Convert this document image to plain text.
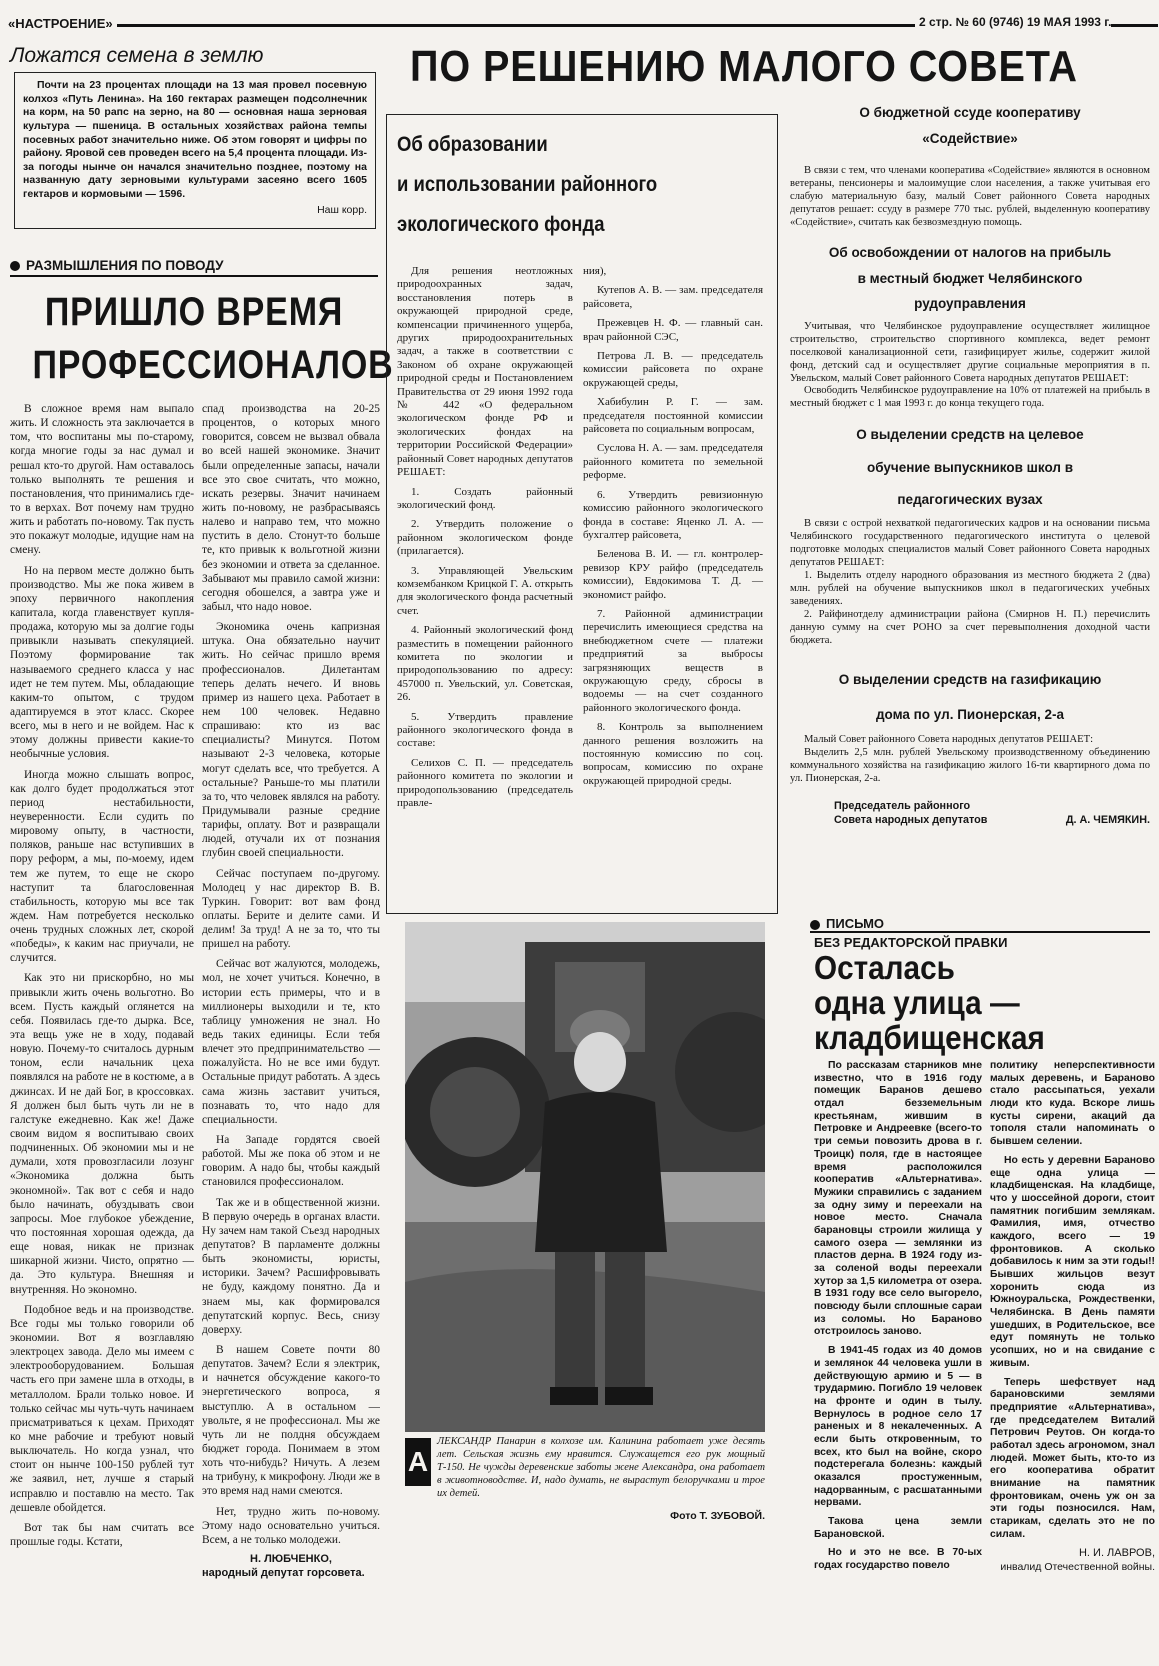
«НАСТРОЕНИЕ»	2 стр. № 60 (9746) 19 МАЯ 1993 г.
Ложатся семена в землю
Почти на 23 процентах площади на 13 мая провел посевную колхоз «Путь Ленина». На 160 гектарах размещен подсолнечник на корм, на 50 рапс на зерно, на 80 — основная наша зерновая культура — пшеница. В остальных хозяйствах района темпы посевных работ значительно ниже. Об этом говорят и цифры по району. Яровой сев проведен всего на 5,4 процента площади. Из-за погоды нынче он начался значительно позднее, поэтому на названную дату зерновыми культурами засеяно всего 1605 гектаров и кормовыми — 1596.
Наш корр.
РАЗМЫШЛЕНИЯ ПО ПОВОДУ
ПРИШЛО ВРЕМЯ
ПРОФЕССИОНАЛОВ

В сложное время нам выпало жить. И сложность эта заключается в том, что воспитаны мы по-старому, когда многие годы за нас думал и решал кто-то другой. Нам оставалось только выполнять те решения и постановления, что принимались где-то в верхах. Вот почему нам трудно жить и работать по-новому. Так пусть это покажут молодые, идущие нам на смену.

Но на первом месте должно быть производство. Мы же пока живем в эпоху первичного накопления капитала, когда главенствует купля-продажа, которую мы за долгие годы привыкли называть спекуляцией. Поэтому формирование так называемого среднего класса у нас идет не тем путем. Мы, обладающие каким-то опытом, с трудом адаптируемся в этот класс. Скорее всего, мы в него и не войдем. Нас к этому должны привести какие-то необычные условия.

Иногда можно слышать вопрос, как долго будет продолжаться этот период нестабильности, неуверенности. Если судить по мировому опыту, в частности, поляков, раньше нас вступивших в пору реформ, а мы, по-моему, идем тем же путем, то еще не скоро наступит та благословенная стабильность, которую мы все так ждем. Нам потребуется несколько очень трудных сложных лет, скорой «победы», к каким нас приучали, не случится.

Как это ни прискорбно, но мы привыкли жить очень вольготно. Во всем. Пусть каждый оглянется на себя. Появилась где-то дырка. Все, эта вещь уже не в ходу, подавай новую. Почему-то считалось дурным тоном, если начальник цеха появлялся на работе не в костюме, а в джинсах. И не дай Бог, в кроссовках. Я должен был быть чуть ли не в галстуке ежедневно. Как же! Даже своим видом я воспитываю своих подчиненных. Об экономии мы и не думали, хотя провозгласили лозунг «Экономика должна быть экономной». Так вот с себя и надо было начинать, обуздывать свои запросы. Мое глубокое убеждение, что постоянная хорошая одежда, да еще новая, никак не признак шикарной жизни. Чисто, опрятно — да. Это культура. Внешняя и внутренняя. Но экономно.

Подобное ведь и на производстве. Все годы мы только говорили об экономии. Вот я возглавляю электроцех завода. Дело мы имеем с электрооборудованием. Большая часть его при замене шла в отходы, в металлолом. Брали только новое. И только сейчас мы чуть-чуть начинаем присматриваться к цехам. Приходят ко мне рабочие и требуют новый выключатель. Но когда узнал, что стоит он нынче 100-150 рублей тут же заявил, нет, лучше я старый исправлю и поставлю на место. Так дешевле обойдется.

Вот так бы нам считать все прошлые годы. Кстати,

спад производства на 20-25 процентов, о которых много говорится, совсем не вызвал обвала во всей нашей экономике. Значит были определенные запасы, начали все это свое считать, что можно, искать резервы. Значит начинаем жить по-новому, не разбрасываясь налево и направо тем, что можно пустить в дело. Стонут-то больше те, кто привык к вольготной жизни без экономии и ответа за сделанное. Забывают мы правило самой жизни: сегодня обошелся, а завтра уже и забыл, что надо новое.

Экономика очень капризная штука. Она обязательно научит жить. Но сейчас пришло время профессионалов. Дилетантам теперь делать нечего. И вновь пример из нашего цеха. Работает в нем 100 человек. Недавно спрашиваю: кто из вас специалисты? Минутся. Потом называют 2-3 человека, которые могут сделать все, что требуется. А остальные? Раньше-то мы платили за то, что человек являлся на работу. Придумывали разные средние тарифы, оплату. Вот и развращали людей, отучали их от познания глубин своей специальности.

Сейчас поступаем по-другому. Молодец у нас директор В. В. Туркин. Говорит: вот вам фонд оплаты. Берите и делите сами. И делим! За труд! А не за то, что ты пришел на работу.

Сейчас вот жалуются, молодежь, мол, не хочет учиться. Конечно, в истории есть примеры, что и в миллионеры выходили и те, кто таблицу умножения не знал. Но ведь таких единицы. Если тебя влечет это предпринимательство — пожалуйста. Но не все ими будут. Остальные придут работать. А здесь сама жизнь заставит учиться, познавать то, что надо для специальности.

На Западе гордятся своей работой. Мы же пока об этом и не говорим. А надо бы, чтобы каждый становился профессионалом.

Так же и в общественной жизни. В первую очередь в органах власти. Ну зачем нам такой Съезд народных депутатов? В парламенте должны быть экономисты, юристы, историки. Зачем? Расшифровывать не буду, каждому понятно. Да и знаем мы, как формировался депутатский корпус. Весь, снизу доверху.

В нашем Совете почти 80 депутатов. Зачем? Если я электрик, и начнется обсуждение какого-то энергетического вопроса, я выступлю. А в остальном — увольте, я не профессионал. Мы же чуть ли не полдня обсуждаем бюджет города. Понимаем в этом хоть что-нибудь? Ничуть. А лезем на трибуну, к микрофону. Люди же в это время над нами смеются.

Нет, трудно жить по-новому. Этому надо основательно учиться. Всем, а не только молодежи.

Н. ЛЮБЧЕНКО,
народный депутат горсовета.
ПО РЕШЕНИЮ МАЛОГО СОВЕТА
Об образовании
и использовании районного
экологического фонда

Для решения неотложных природоохранных задач, восстановления потерь в окружающей природной среде, компенсации причиненного ущерба, других природоохранительных задач, а также в соответствии с Законом об охране окружающей природной среды и Постановлением Правительства от 29 июня 1992 года № 442 «О федеральном экологическом фонде РФ и экологических фондах на территории Российской Федерации» районный Совет народных депутатов РЕШАЕТ:

1. Создать районный экологический фонд.

2. Утвердить положение о районном экологическом фонде (прилагается).

3. Управляющей Увельским комзембанком Крицкой Г. А. открыть для экологического фонда расчетный счет.

4. Районный экологический фонд разместить в помещении районного комитета по экологии и природопользованию по адресу: 457000 п. Увельский, ул. Советская, 26.

5. Утвердить правление районного экологического фонда в составе:

Селихов С. П. — председатель районного комитета по экологии и природопользованию (председатель правле-

ния),

Кутепов А. В. — зам. председателя райсовета,

Прежевцев Н. Ф. — главный сан. врач районной СЭС,

Петрова Л. В. — председатель комиссии райсовета по охране окружающей среды,

Хабибулин Р. Г. — зам. председателя постоянной комиссии райсовета по социальным вопросам,

Суслова Н. А. — зам. председателя районного комитета по земельной реформе.

6. Утвердить ревизионную комиссию районного экологического фонда в составе: Яценко Л. А. — бухгалтер райсовета,

Беленова В. И. — гл. контролер-ревизор КРУ райфо (председатель комиссии), Евдокимова Т. Д. — экономист райфо.

7. Районной администрации перечислить имеющиеся средства на внебюджетном счете — платежи предприятий за выбросы загрязняющих веществ в окружающую среду, сбросы в водоемы — на счет созданного районного экологического фонда.

8. Контроль за выполнением данного решения возложить на постоянную комиссию по соц. вопросам, комиссию по охране окружающей природной среды.

О бюджетной ссуде кооперативу
«Содействие»
В связи с тем, что членами кооператива «Содействие» являются в основном ветераны, пенсионеры и малоимущие слои населения, а также учитывая его слабую материальную базу, малый Совет районного Совета народных депутатов решает: ссуду в размере 770 тыс. рублей, выделенную кооперативу «Содействие», считать как безвозмездную помощь.
Об освобождении от налогов на прибыль
в местный бюджет Челябинского
рудоуправления
Учитывая, что Челябинское рудоуправление осуществляет жилищное строительство, строительство спортивного комплекса, ведет ремонт поселковой канализационной сети, газифицирует жилье, содержит жилой фонд, детский сад и осуществляет другие социальные мероприятия в п. Увельском, малый Совет районного Совета народных депутатов РЕШАЕТ:
Освободить Челябинское рудоуправление на 10% от платежей на прибыль в местный бюджет с 1 мая 1993 г. до конца текущего года.
О выделении средств на целевое
обучение выпускников школ в
педагогических вузах
В связи с острой нехваткой педагогических кадров и на основании письма Челябинского государственного педагогического института о целевой подготовке молодых специалистов малый Совет районного Совета народных депутатов РЕШАЕТ:
1. Выделить отделу народного образования из местного бюджета 2 (два) млн. рублей на обучение выпускников школ в педагогических учебных заведениях.
2. Райфинотделу администрации района (Смирнов Н. П.) перечислить данную сумму на счет РОНО за счет перевыполнения доходной части бюджета.
О выделении средств на газификацию
дома по ул. Пионерская, 2-а
Малый Совет районного Совета народных депутатов РЕШАЕТ:
Выделить 2,5 млн. рублей Увельскому производственному объединению коммунального хозяйства на газификацию жилого 16-ти квартирного дома по ул. Пионерская, 2-а.
Председатель районного
Совета народных депутатов	Д. А. ЧЕМЯКИН.
А
ЛЕКСАНДР Панарин в колхозе им. Калинина работает уже десять лет. Сельская жизнь ему нравится. Служащется его рук мощный Т-150. Не чужды деревенские заботы жене Александра, она работает в животноводстве. И, надо думать, не вырастут белоручками и трое их детей.
Фото Т. ЗУБОВОЙ.
ПИСЬМО
БЕЗ РЕДАКТОРСКОЙ ПРАВКИ
Осталась
одна улица —
кладбищенская

По рассказам старников мне известно, что в 1916 году помещик Баранов дешево отдал безземельным крестьянам, жившим в Петровке и Андреевке (всего-то три семьи повозить дрова в г. Троицк) поля, где в настоящее время расположился кооператив «Альтернатива». Мужики справились с заданием за одну зиму и переехали на новое место. Сначала барановцы строили жилища у самого озера — землянки из пластов дерна. В 1924 году из-за соленой воды переехали хутор за 1,5 километра от озера. В 1931 году все село выгорело, повсюду были сплошные сараи из соломы. Но Бараново отстроилось заново.

В 1941-45 годах из 40 домов и землянок 44 человека ушли в действующую армию и 5 — в трудармию. Погибло 19 человек на фронте и один в тылу. Вернулось в родное село 17 раненых и 8 некалеченных. А если быть откровенным, то всех, кто был на войне, скоро подстерегала болезнь: каждый оказался простуженным, надорванным, с расшатанными нервами.

Такова цена земли Барановской.

Но и это не все. В 70-ых годах государство повело

политику неперспективности малых деревень, и Бараново стало рассыпаться, уехали люди кто куда. Вскоре лишь кусты сирени, акаций да тополя стали напоминать о бывшем селении.

Но есть у деревни Бараново еще одна улица — кладбищенская. На кладбище, что у шоссейной дороги, стоит памятник погибшим землякам. Фамилия, имя, отчество каждого, всего — 19 фронтовиков. А сколько добавилось к ним за эти годы!! Бывших жильцов везут хоронить сюда из Южноуральска, Рождественки, Челябинска. В День памяти ушедших, в Родительское, все едут помянуть не только усопших, но и на свидание с живым.

Теперь шефствует над барановскими землями предприятие «Альтернатива», где председателем Виталий Петрович Реутов. Он когда-то работал здесь агрономом, знал людей. Может быть, кто-то из его кооператива обратит внимание на памятник фронтовикам, очень уж он за эти годы позносился. Нам, старикам, сделать это не по силам.

Н. И. ЛАВРОВ,
инвалид Отечественной войны.
